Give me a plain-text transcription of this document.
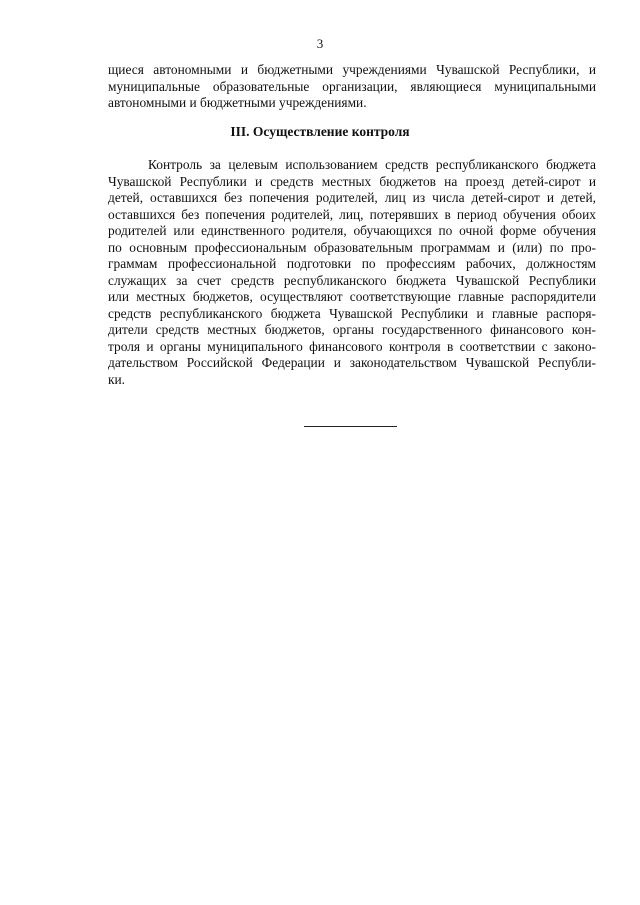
3
щиеся автономными и бюджетными учреждениями Чувашской Республики, и
муниципальные образовательные организации, являющиеся муниципальными
автономными и бюджетными учреждениями.
III. Осуществление контроля
Контроль за целевым использованием средств республиканского бюджета
Чувашской Республики и средств местных бюджетов на проезд детей-сирот и
детей, оставшихся без попечения родителей, лиц из числа детей-сирот и детей,
оставшихся без попечения родителей, лиц, потерявших в период обучения обоих
родителей или единственного родителя, обучающихся по очной форме обучения
по основным профессиональным образовательным программам и (или) по про-
граммам профессиональной подготовки по профессиям рабочих, должностям
служащих за счет средств республиканского бюджета Чувашской Республики
или местных бюджетов, осуществляют соответствующие главные распорядители
средств республиканского бюджета Чувашской Республики и главные распоря-
дители средств местных бюджетов, органы государственного финансового кон-
троля и органы муниципального финансового контроля в соответствии с законо-
дательством Российской Федерации и законодательством Чувашской Республи-
ки.
